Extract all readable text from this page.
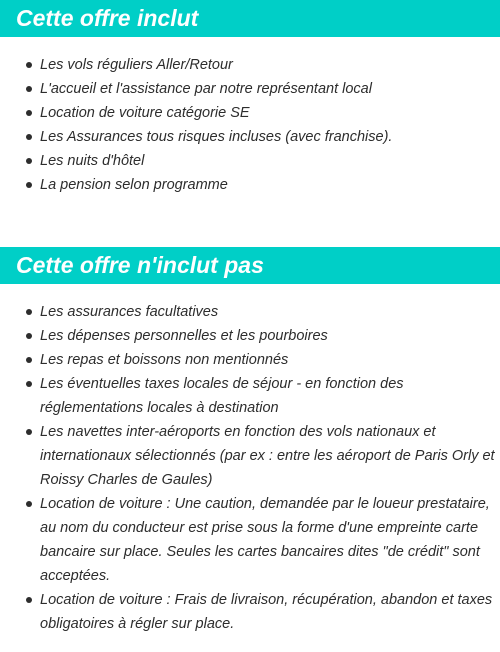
Cette offre inclut
Les vols réguliers Aller/Retour
L'accueil et l'assistance par notre représentant local
Location de voiture catégorie SE
Les Assurances tous risques incluses (avec franchise).
Les nuits d'hôtel
La pension selon programme
Cette offre n'inclut pas
Les assurances facultatives
Les dépenses personnelles et les pourboires
Les repas et boissons non mentionnés
Les éventuelles taxes locales de séjour - en fonction des réglementations locales à destination
Les navettes inter-aéroports en fonction des vols nationaux et internationaux sélectionnés (par ex : entre les aéroport de Paris Orly et Roissy Charles de Gaules)
Location de voiture : Une caution, demandée par le loueur prestataire, au nom du conducteur est prise sous la forme d'une empreinte carte bancaire sur place. Seules les cartes bancaires dites "de crédit" sont acceptées.
Location de voiture : Frais de livraison, récupération, abandon et taxes obligatoires à régler sur place.
